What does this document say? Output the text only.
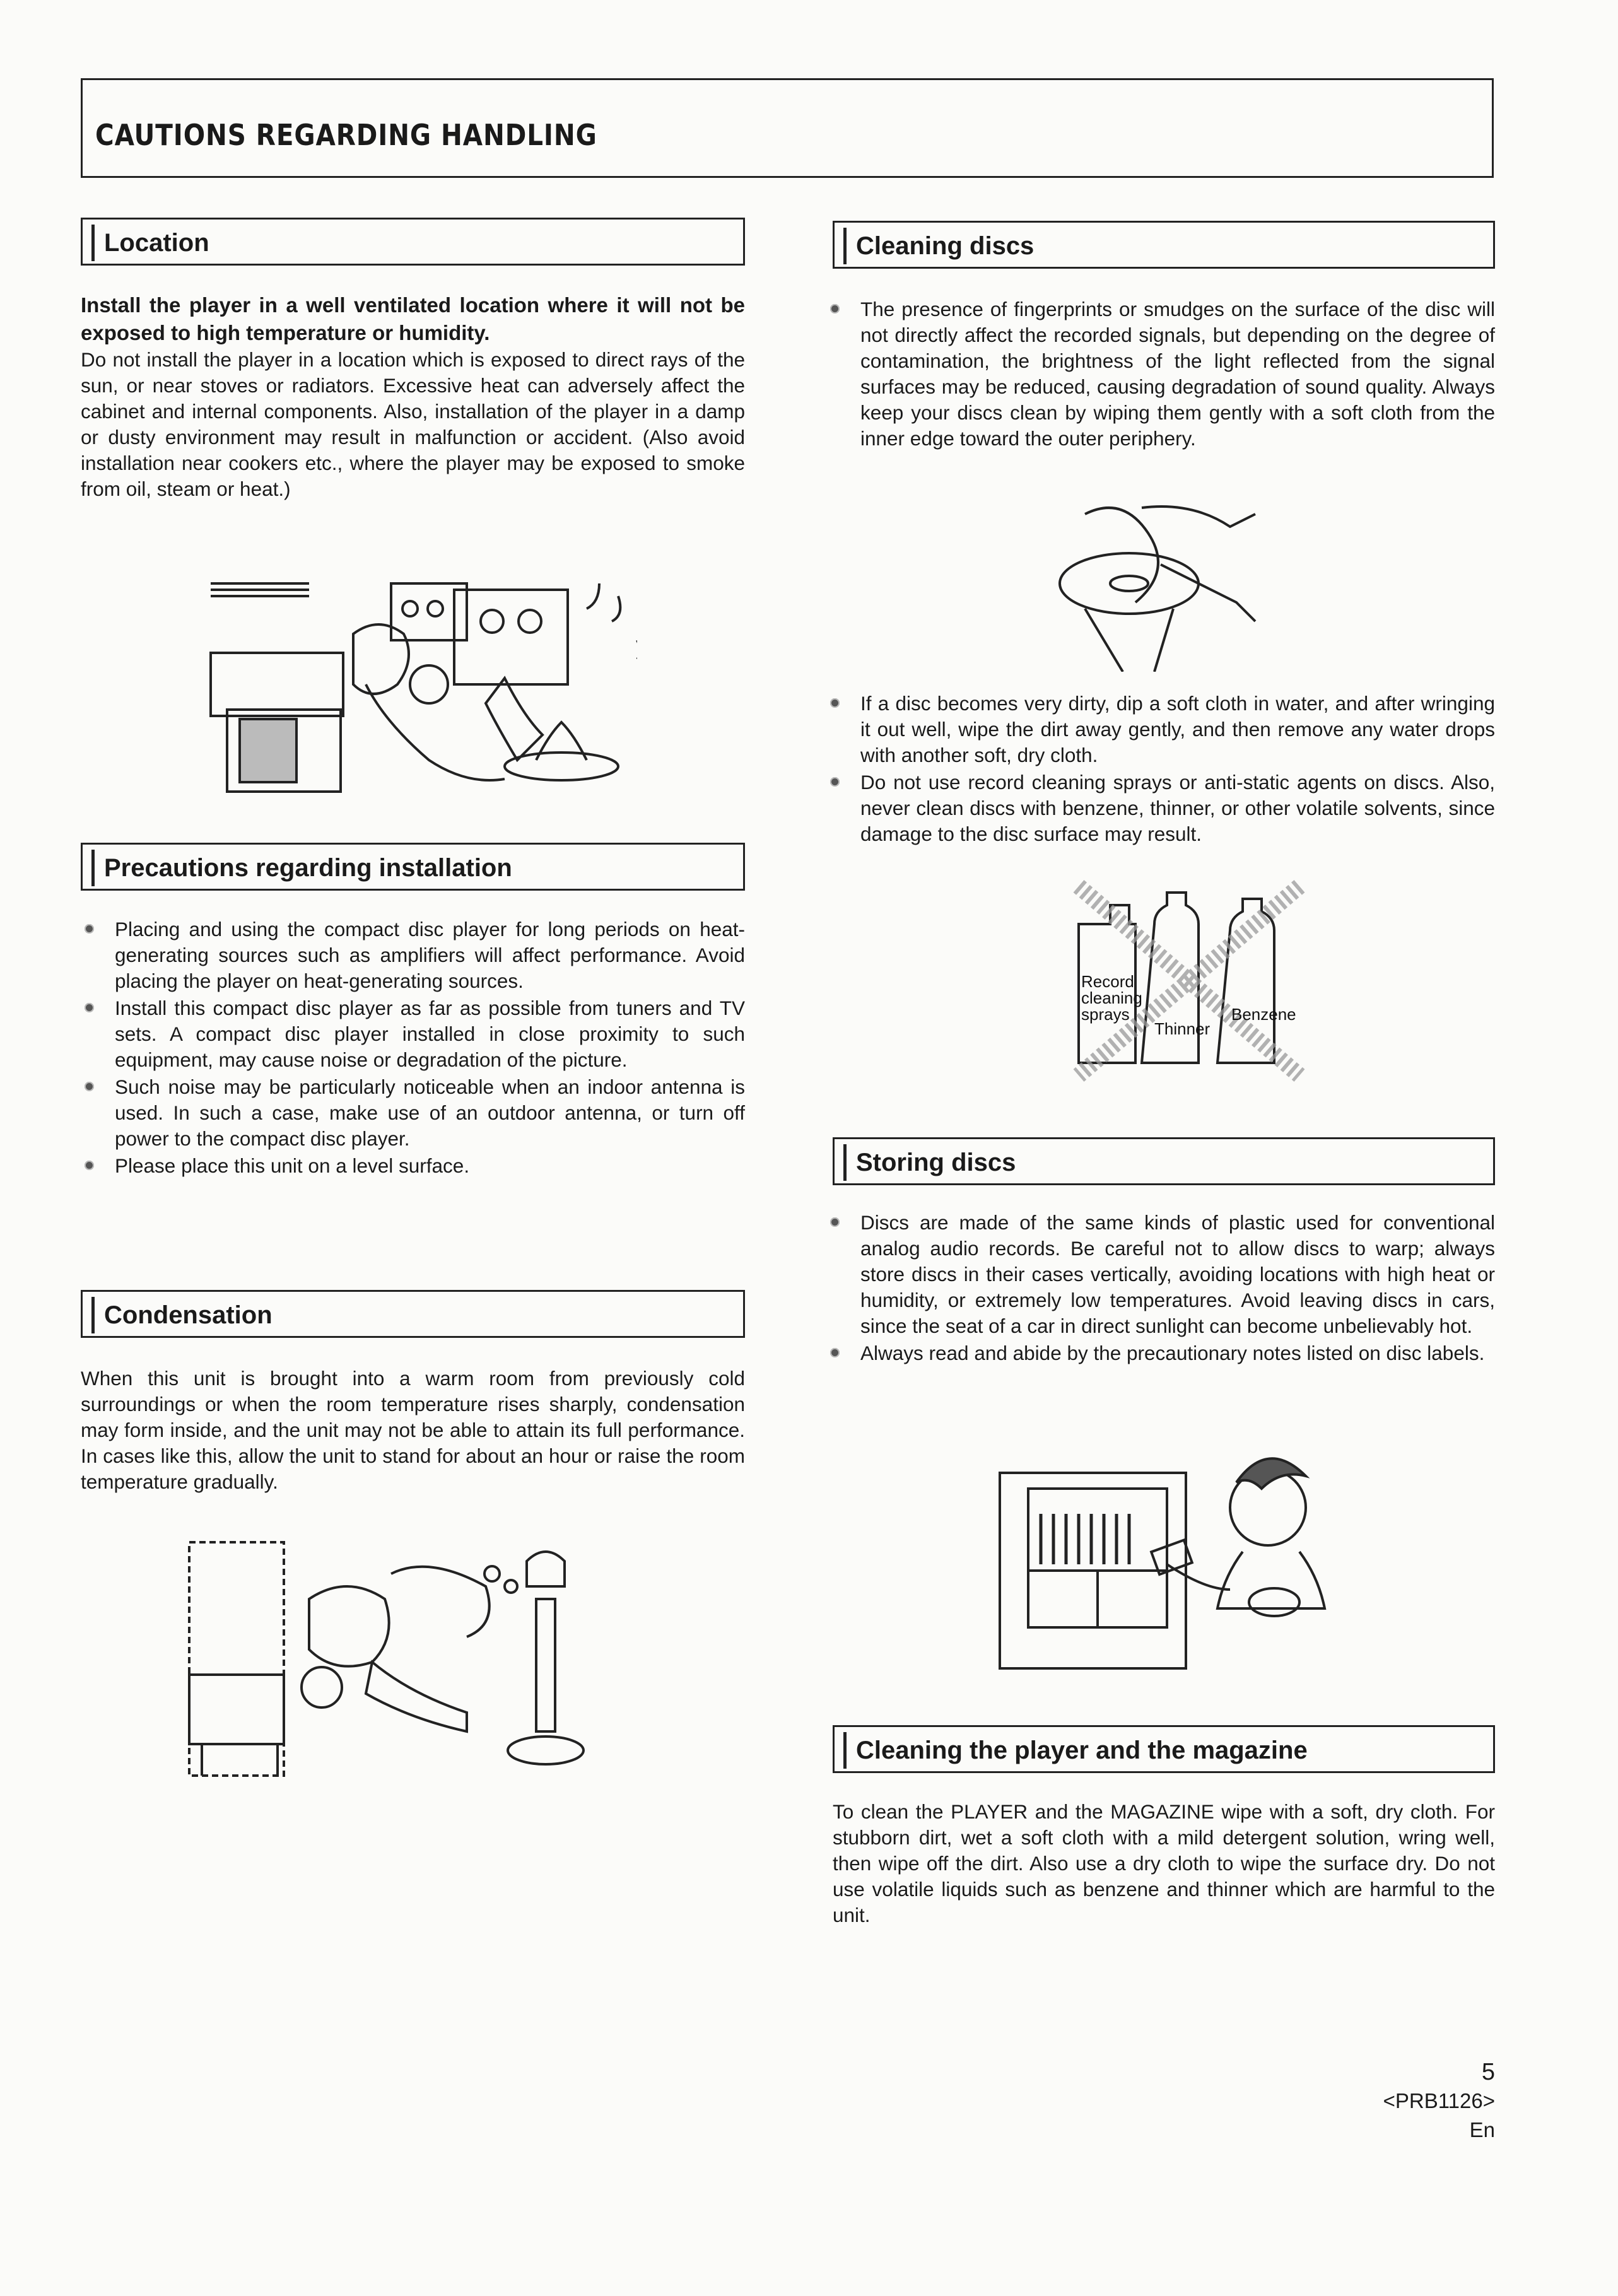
CAUTIONS REGARDING HANDLING
Location

Install the player in a well ventilated location where it will not be exposed to high temperature or humidity.

Do not install the player in a location which is exposed to direct rays of the sun, or near stoves or radiators. Excessive heat can adversely affect the cabinet and internal components. Also, installation of the player in a damp or dusty environment may result in malfunction or accident. (Also avoid installation near cookers etc., where the player may be exposed to smoke from oil, steam or heat.)

Precautions regarding installation
Placing and using the compact disc player for long periods on heat-generating sources such as amplifiers will affect performance. Avoid placing the player on heat-generating sources.
Install this compact disc player as far as possible from tuners and TV sets. A compact disc player installed in close proximity to such equipment, may cause noise or degradation of the picture.
Such noise may be particularly noticeable when an indoor antenna is used. In such a case, make use of an outdoor antenna, or turn off power to the compact disc player.
Please place this unit on a level surface.
Condensation

When this unit is brought into a warm room from previously cold surroundings or when the room temperature rises sharply, condensation may form inside, and the unit may not be able to attain its full performance. In cases like this, allow the unit to stand for about an hour or raise the room temperature gradually.

Cleaning discs
The presence of fingerprints or smudges on the surface of the disc will not directly affect the recorded signals, but depending on the degree of contamination, the brightness of the light reflected from the signal surfaces may be reduced, causing degradation of sound quality. Always keep your discs clean by wiping them gently with a soft cloth from the inner edge toward the outer periphery.
If a disc becomes very dirty, dip a soft cloth in water, and after wringing it out well, wipe the dirt away gently, and then remove any water drops with another soft, dry cloth.
Do not use record cleaning sprays or anti-static agents on discs. Also, never clean discs with benzene, thinner, or other volatile solvents, since damage to the disc surface may result.
Record
cleaning
sprays
Thinner
Benzene
Storing discs
Discs are made of the same kinds of plastic used for conventional analog audio records. Be careful not to allow discs to warp; always store discs in their cases vertically, avoiding locations with high heat or humidity, or extremely low temperatures. Avoid leaving discs in cars, since the seat of a car in direct sunlight can become unbelievably hot.
Always read and abide by the precautionary notes listed on disc labels.
Cleaning the player and the magazine

To clean the PLAYER and the MAGAZINE wipe with a soft, dry cloth. For stubborn dirt, wet a soft cloth with a mild detergent solution, wring well, then wipe off the dirt. Also use a dry cloth to wipe the surface dry. Do not use volatile liquids such as benzene and thinner which are harmful to the unit.

5
<PRB1126>
En
